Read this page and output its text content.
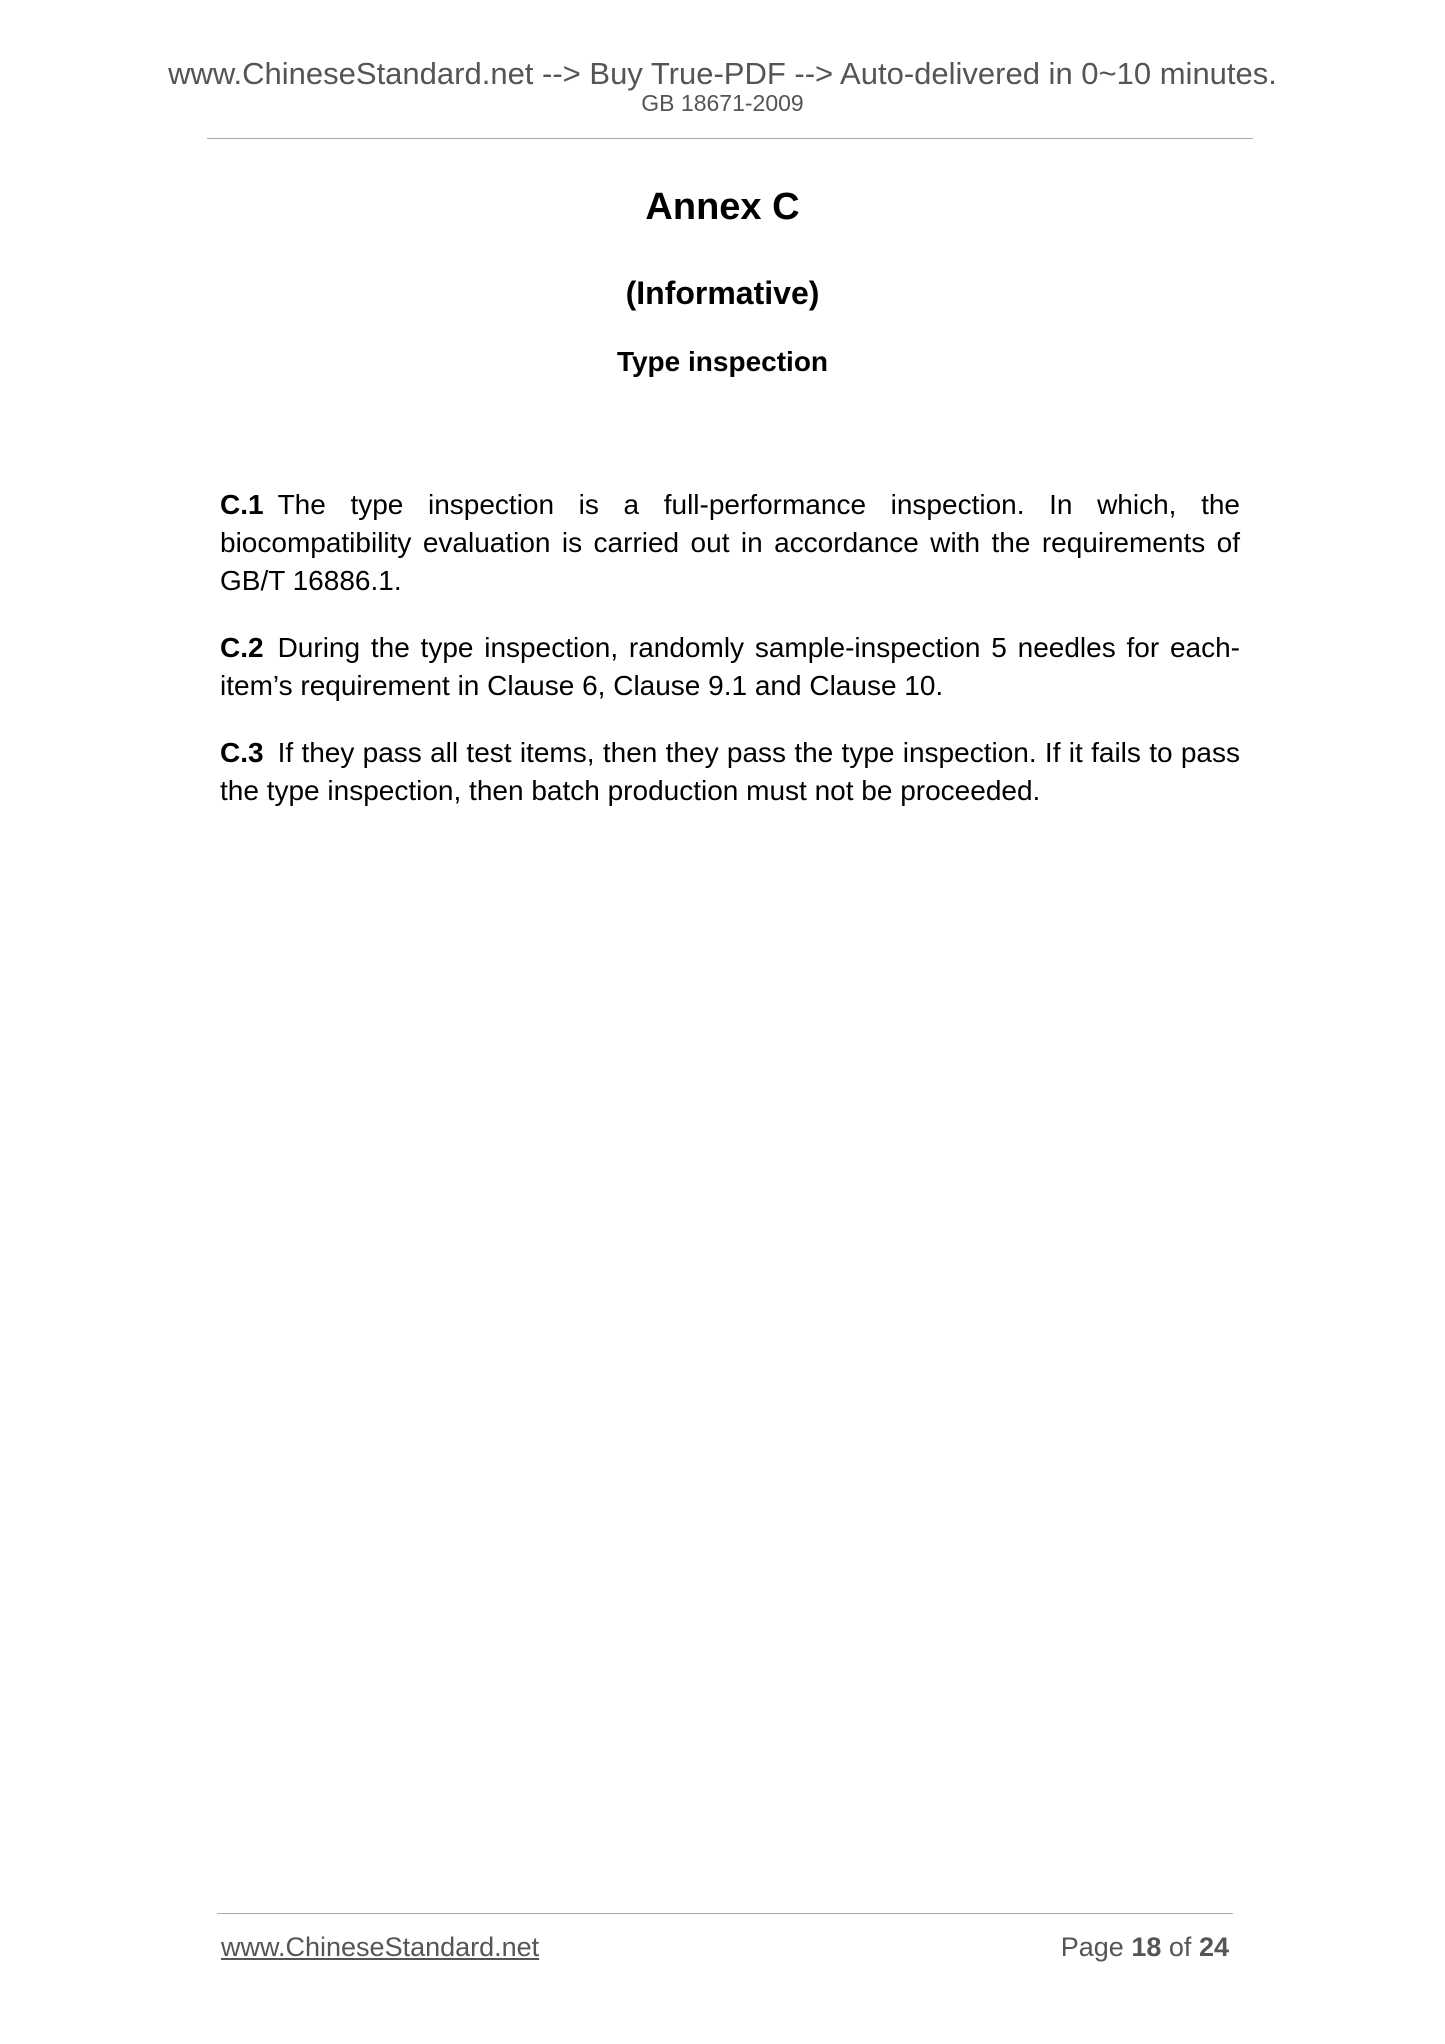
www.ChineseStandard.net --> Buy True-PDF --> Auto-delivered in 0~10 minutes.
GB 18671-2009
Annex C
(Informative)
Type inspection

C.1 The type inspection is a full-performance inspection. In which, the biocompatibility evaluation is carried out in accordance with the requirements of GB/T 16886.1.

C.2 During the type inspection, randomly sample-inspection 5 needles for each-item’s requirement in Clause 6, Clause 9.1 and Clause 10.

C.3 If they pass all test items, then they pass the type inspection. If it fails to pass the type inspection, then batch production must not be proceeded.

www.ChineseStandard.net	Page 18 of 24
